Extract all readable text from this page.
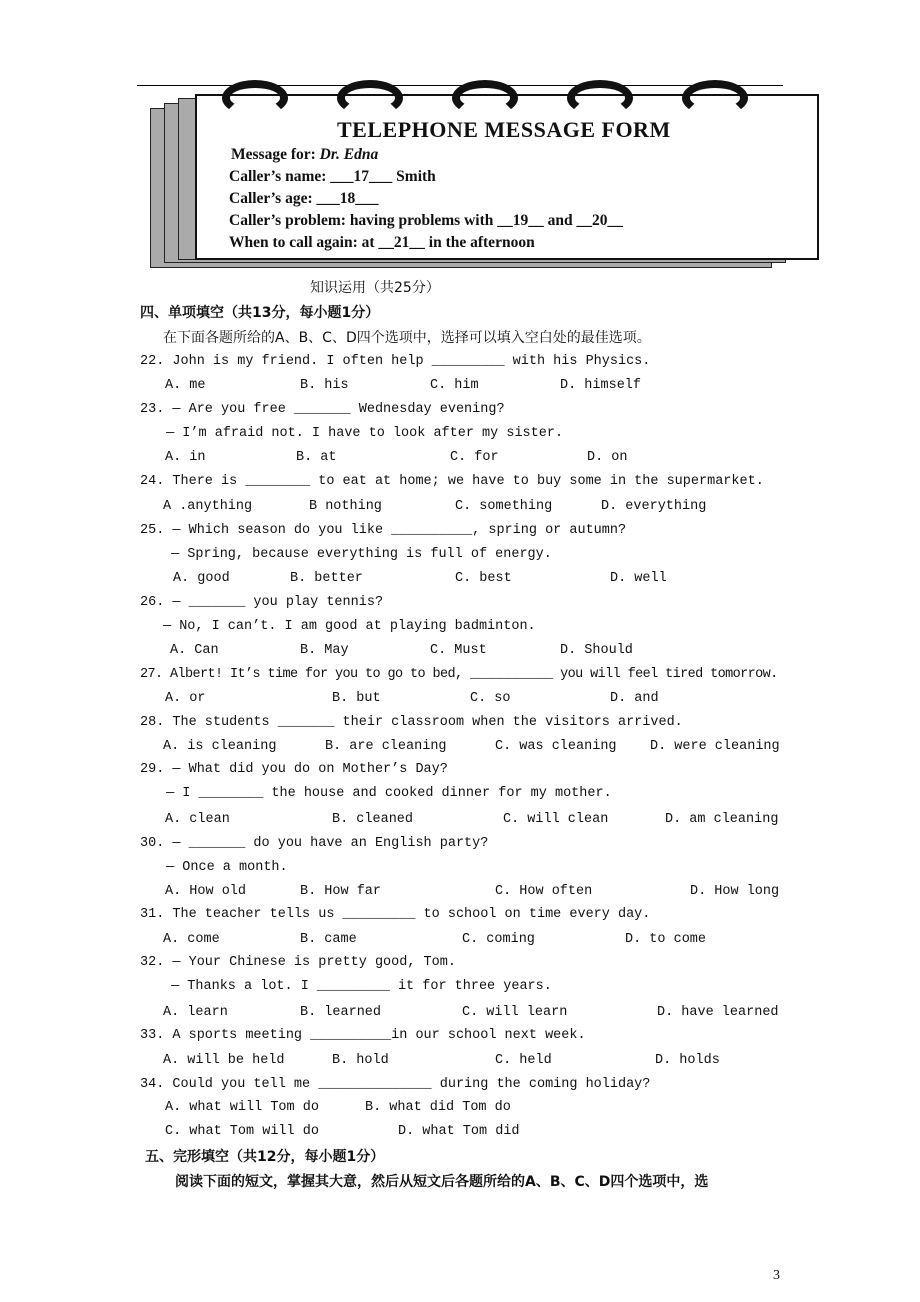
TELEPHONE MESSAGE FORM
Message for: Dr. Edna
Caller’s name: ___17___ Smith
Caller’s age: ___18___
Caller’s problem: having problems with __19__ and __20__
When to call again: at __21__ in the afternoon
知识运用（共25分）
四、单项填空（共13分，每小题1分）
在下面各题所给的A、B、C、D四个选项中，选择可以填入空白处的最佳选项。
22. John is my friend. I often help _________ with his Physics.
A. me	B. his	C. him	D. himself
23. — Are you free _______ Wednesday evening?
— I’m afraid not. I have to look after my sister.
A. in	B. at	C. for	D. on
24. There is ________ to eat at home; we have to buy some in the supermarket.
A .anything	B nothing	C. something	D. everything
25. — Which season do you like __________, spring or autumn?
— Spring, because everything is full of energy.
A. good	B. better	C. best	D. well
26. — _______ you play tennis?
— No, I can’t. I am good at playing badminton.
A. Can	B. May	C. Must	D. Should
27. Albert! It’s time for you to go to bed, ___________ you will feel tired tomorrow.
A. or	B. but	C. so	D. and
28. The students _______ their classroom when the visitors arrived.
A. is cleaning	B. are cleaning	C. was cleaning D. were cleaning
29. — What did you do on Mother’s Day?
— I ________ the house and cooked dinner for my mother.
A. clean	B. cleaned	C. will clean	D. am cleaning
30. — _______ do you have an English party?
— Once a month.
A. How old	B. How far	C. How often	D. How long
31. The teacher tells us _________ to school on time every day.
A. come	B. came	C. coming	D. to come
32. — Your Chinese is pretty good, Tom.
— Thanks a lot. I _________ it for three years.
A. learn	B. learned	C. will learn	D. have learned
33. A sports meeting __________in our school next week.
A. will be held	B. hold	C. held	D. holds
34. Could you tell me ______________ during the coming holiday?
A. what will Tom do	B. what did Tom do
C. what Tom will do	D. what Tom did
五、完形填空（共12分，每小题1分）
阅读下面的短文，掌握其大意，然后从短文后各题所给的A、B、C、D四个选项中，选
3
